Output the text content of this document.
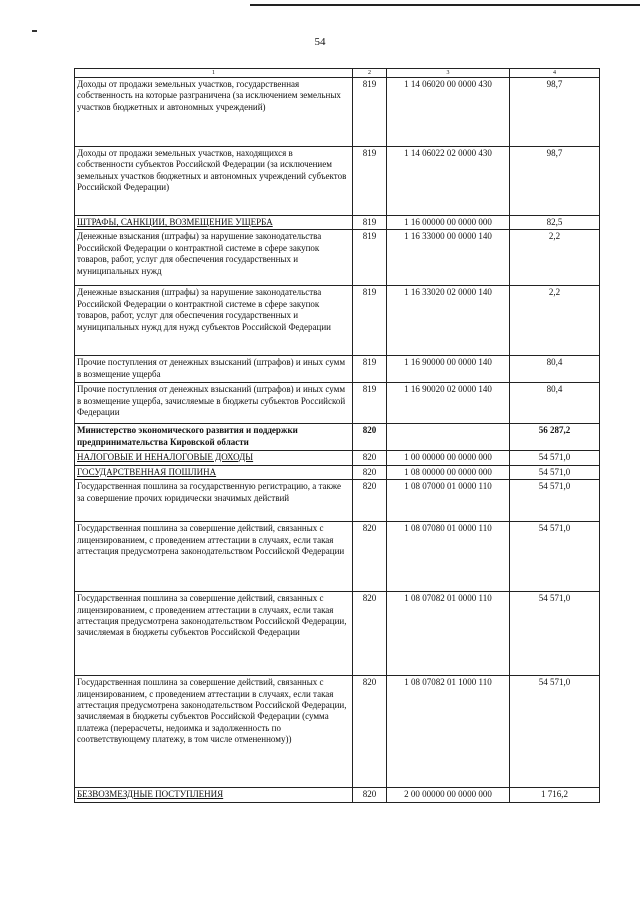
54
1	2	3	4
Доходы от продажи земельных участков, государственная собственность на которые разграничена (за исключением земельных участков бюджетных и автономных учреждений)	819	1 14 06020 00 0000 430	98,7
Доходы от продажи земельных участков, находящихся в собственности субъектов Российской Федерации (за исключением земельных участков бюджетных и автономных учреждений субъектов Российской Федерации)	819	1 14 06022 02 0000 430	98,7
ШТРАФЫ, САНКЦИИ, ВОЗМЕЩЕНИЕ УЩЕРБА	819	1 16 00000 00 0000 000	82,5
Денежные взыскания (штрафы) за нарушение законодательства Российской Федерации о контрактной системе в сфере закупок товаров, работ, услуг для обеспечения государственных и муниципальных нужд	819	1 16 33000 00 0000 140	2,2
Денежные взыскания (штрафы) за нарушение законодательства Российской Федерации о контрактной системе в сфере закупок товаров, работ, услуг для обеспечения государственных и муниципальных нужд для нужд субъектов Российской Федерации	819	1 16 33020 02 0000 140	2,2
Прочие поступления от денежных взысканий (штрафов) и иных сумм в возмещение ущерба	819	1 16 90000 00 0000 140	80,4
Прочие поступления от денежных взысканий (штрафов) и иных сумм в возмещение ущерба, зачисляемые в бюджеты субъектов Российской Федерации	819	1 16 90020 02 0000 140	80,4
Министерство экономического развития и поддержки предпринимательства Кировской области	820		56 287,2
НАЛОГОВЫЕ И НЕНАЛОГОВЫЕ ДОХОДЫ	820	1 00 00000 00 0000 000	54 571,0
ГОСУДАРСТВЕННАЯ ПОШЛИНА	820	1 08 00000 00 0000 000	54 571,0
Государственная пошлина за государственную регистрацию, а также за совершение прочих юридически значимых действий	820	1 08 07000 01 0000 110	54 571,0
Государственная пошлина за совершение действий, связанных с лицензированием, с проведением аттестации в случаях, если такая аттестация предусмотрена законодательством Российской Федерации	820	1 08 07080 01 0000 110	54 571,0
Государственная пошлина за совершение действий, связанных с лицензированием, с проведением аттестации в случаях, если такая аттестация предусмотрена законодательством Российской Федерации, зачисляемая в бюджеты субъектов Российской Федерации	820	1 08 07082 01 0000 110	54 571,0
Государственная пошлина за совершение действий, связанных с лицензированием, с проведением аттестации в случаях, если такая аттестация предусмотрена законодательством Российской Федерации, зачисляемая в бюджеты субъектов Российской Федерации (сумма платежа (перерасчеты, недоимка и задолженность по соответствующему платежу, в том числе отмененному))	820	1 08 07082 01 1000 110	54 571,0
БЕЗВОЗМЕЗДНЫЕ ПОСТУПЛЕНИЯ	820	2 00 00000 00 0000 000	1 716,2
